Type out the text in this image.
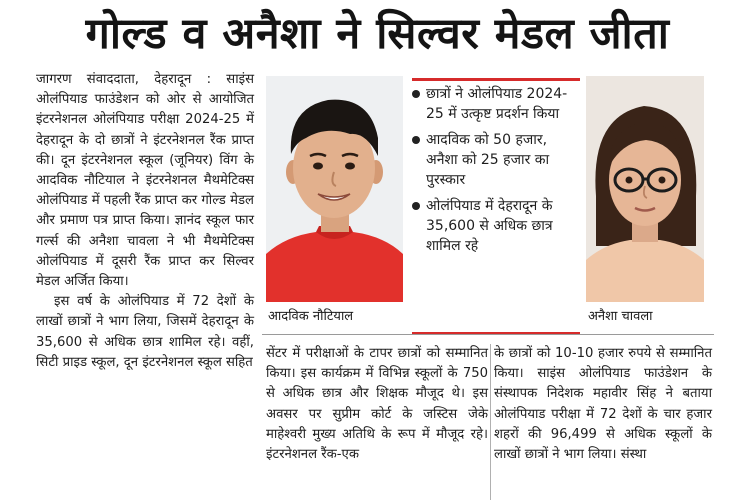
गोल्ड व अनैशा ने सिल्वर मेडल जीता

जागरण संवाददाता, देहरादून : साइंस ओलंपियाड फाउंडेशन को ओर से आयोजित इंटरनेशनल ओलंपियाड परीक्षा 2024-25 में देहरादून के दो छात्रों ने इंटरनेशनल रैंक प्राप्त की। दून इंटरनेशनल स्कूल (जूनियर) विंग के आदविक नौटियाल ने इंटरनेशनल मैथमेटिक्स ओलंपियाड में पहली रैंक प्राप्त कर गोल्ड मेडल और प्रमाण पत्र प्राप्त किया। ज्ञानंद स्कूल फार गर्ल्स की अनैशा चावला ने भी मैथमेटिक्स ओलंपियाड में दूसरी रैंक प्राप्त कर सिल्वर मेडल अर्जित किया।

इस वर्ष के ओलंपियाड में 72 देशों के लाखों छात्रों ने भाग लिया, जिसमें देहरादून के 35,600 से अधिक छात्र शामिल रहे। वहीं, सिटी प्राइड स्कूल, दून इंटरनेशनल स्कूल सहित

आदविक नौटियाल
छात्रों ने ओलंपियाड 2024-25 में उत्कृष्ट प्रदर्शन किया
आदविक को 50 हजार, अनैशा को 25 हजार का पुरस्कार
ओलंपियाड में देहरादून के 35,600 से अधिक छात्र शामिल रहे
अनैशा चावला

सेंटर में परीक्षाओं के टापर छात्रों को सम्मानित किया। इस कार्यक्रम में विभिन्न स्कूलों के 750 से अधिक छात्र और शिक्षक मौजूद थे। इस अवसर पर सुप्रीम कोर्ट के जस्टिस जेके माहेश्वरी मुख्य अतिथि के रूप में मौजूद रहे। इंटरनेशनल रैंक-एक

के छात्रों को 10-10 हजार रुपये से सम्मानित किया। साइंस ओलंपियाड फाउंडेशन के संस्थापक निदेशक महावीर सिंह ने बताया ओलंपियाड परीक्षा में 72 देशों के चार हजार शहरों की 96,499 से अधिक स्कूलों के लाखों छात्रों ने भाग लिया। संस्था
